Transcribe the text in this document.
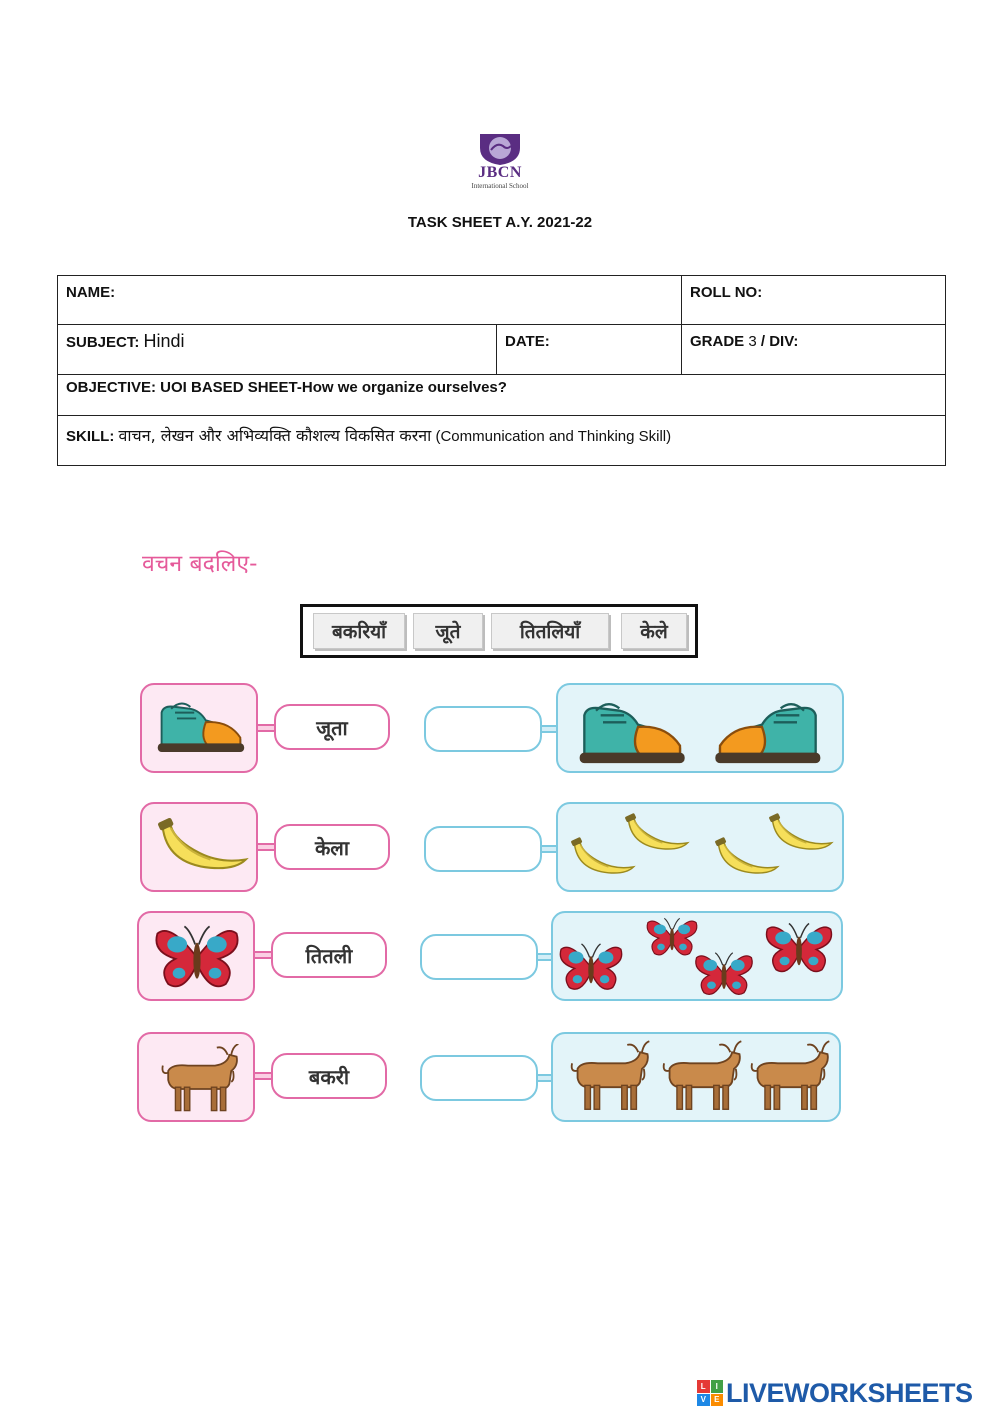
JBCN
International School
TASK SHEET A.Y. 2021-22
NAME:	ROLL NO:
SUBJECT: Hindi	DATE:	GRADE 3 / DIV:
OBJECTIVE: UOI BASED SHEET-How we organize ourselves?
SKILL: वाचन, लेखन और अभिव्यक्ति कौशल्य विकसित करना (Communication and Thinking Skill)
वचन बदलिए-
बकरियाँ	जूते	तितलियाँ	केले
जूता
केला
तितली
बकरी
L	I
V	E LIVEWORKSHEETS
